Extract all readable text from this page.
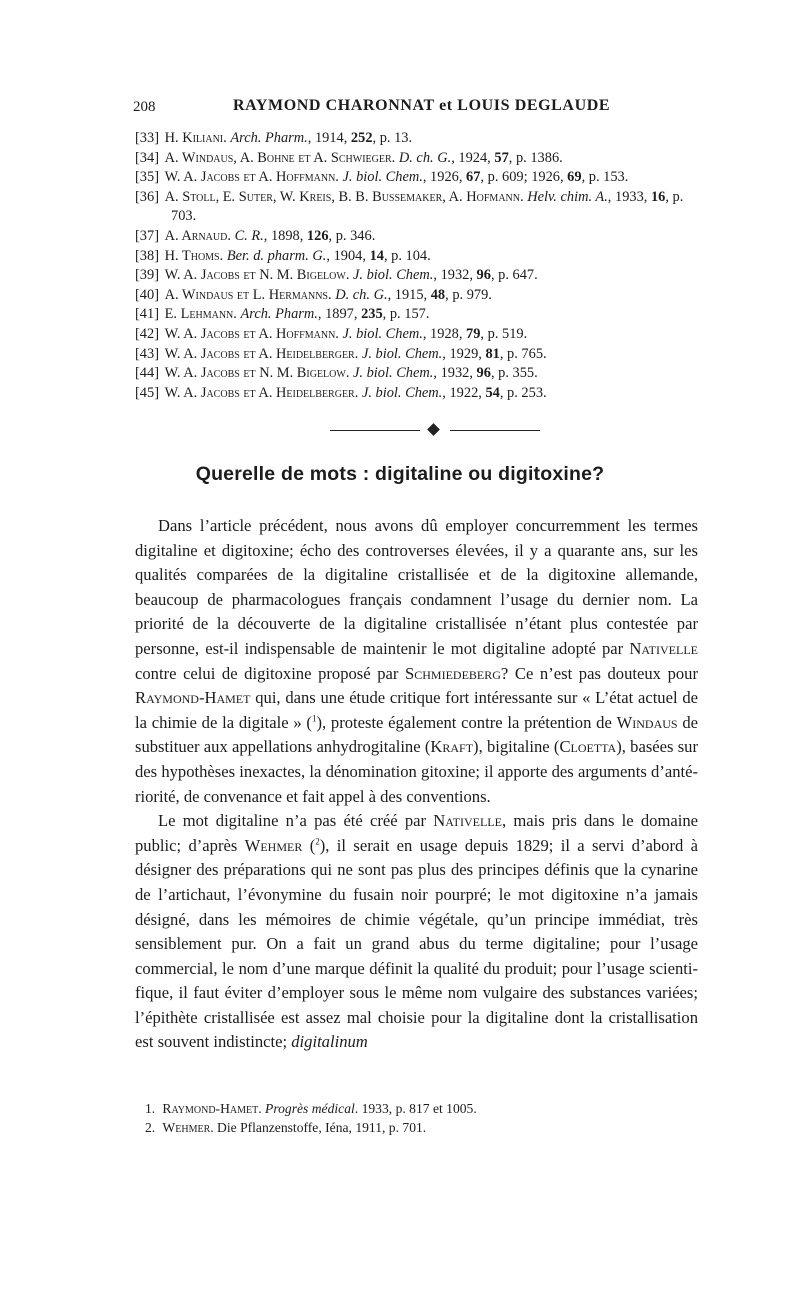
208	RAYMOND CHARONNAT et LOUIS DEGLAUDE
[ 33 ] H. Kiliani. Arch. Pharm., 1914, 252, p. 13.
[ 34 ] A. Windaus, A. Bohne et A. Schwieger. D. ch. G., 1924, 57, p. 1386.
[ 35 ] W. A. Jacobs et A. Hoffmann. J. biol. Chem., 1926, 67, p. 609; 1926, 69, p. 153.
[ 36 ] A. Stoll, E. Suter, W. Kreis, B. B. Bussemaker, A. Hofmann. Helv. chim. A., 1933, 16, p. 703.
[ 37 ] A. Arnaud. C. R., 1898, 126, p. 346.
[ 38 ] H. Thoms. Ber. d. pharm. G., 1904, 14, p. 104.
[ 39 ] W. A. Jacobs et N. M. Bigelow. J. biol. Chem., 1932, 96, p. 647.
[ 40 ] A. Windaus et L. Hermanns. D. ch. G., 1915, 48, p. 979.
[ 41 ] E. Lehmann. Arch. Pharm., 1897, 235, p. 157.
[ 42 ] W. A. Jacobs et A. Hoffmann. J. biol. Chem., 1928, 79, p. 519.
[ 43 ] W. A. Jacobs et A. Heidelberger. J. biol. Chem., 1929, 81, p. 765.
[ 44 ] W. A. Jacobs et N. M. Bigelow. J. biol. Chem., 1932, 96, p. 355.
[ 45 ] W. A. Jacobs et A. Heidelberger. J. biol. Chem., 1922, 54, p. 253.
Querelle de mots : digitaline ou digitoxine?

Dans l’article précédent, nous avons dû employer concurremment les termes digitaline et digitoxine; écho des controverses élevées, il y a quarante ans, sur les qualités comparées de la digitaline cristallisée et de la digitoxine allemande, beaucoup de pharmacologues français condamnent l’usage du dernier nom. La priorité de la découverte de la digitaline cristallisée n’étant plus contestée par personne, est-il indispensable de maintenir le mot digitaline adopté par Nativelle contre celui de digitoxine proposé par Schmiedeberg? Ce n’est pas douteux pour Raymond-Hamet qui, dans une étude critique fort intéressante sur « L’état actuel de la chimie de la digitale » ($^1$), proteste également contre la prétention de Windaus de substituer aux appellations anhydrogitaline (Kraft), bigitaline (Cloetta), basées sur des hypothèses inexactes, la dénomination gitoxine; il apporte des arguments d’antériorité, de convenance et fait appel à des conventions.

Le mot digitaline n’a pas été créé par Nativelle, mais pris dans le domaine public; d’après Wehmer ($^2$), il serait en usage depuis 1829; il a servi d’abord à désigner des préparations qui ne sont pas plus des principes définis que la cynarine de l’artichaut, l’évonymine du fusain noir pourpré; le mot digitoxine n’a jamais désigné, dans les mémoires de chimie végétale, qu’un principe immédiat, très sensiblement pur. On a fait un grand abus du terme digitaline; pour l’usage commercial, le nom d’une marque définit la qualité du produit; pour l’usage scientifique, il faut éviter d’employer sous le même nom vulgaire des substances variées; l’épithète cristallisée est assez mal choisie pour la digitaline dont la cristallisation est souvent indistincte; digitalinum

1. Raymond-Hamet. Progrès médical. 1933, p. 817 et 1005.
2. Wehmer. Die Pflanzenstoffe, Iéna, 1911, p. 701.
